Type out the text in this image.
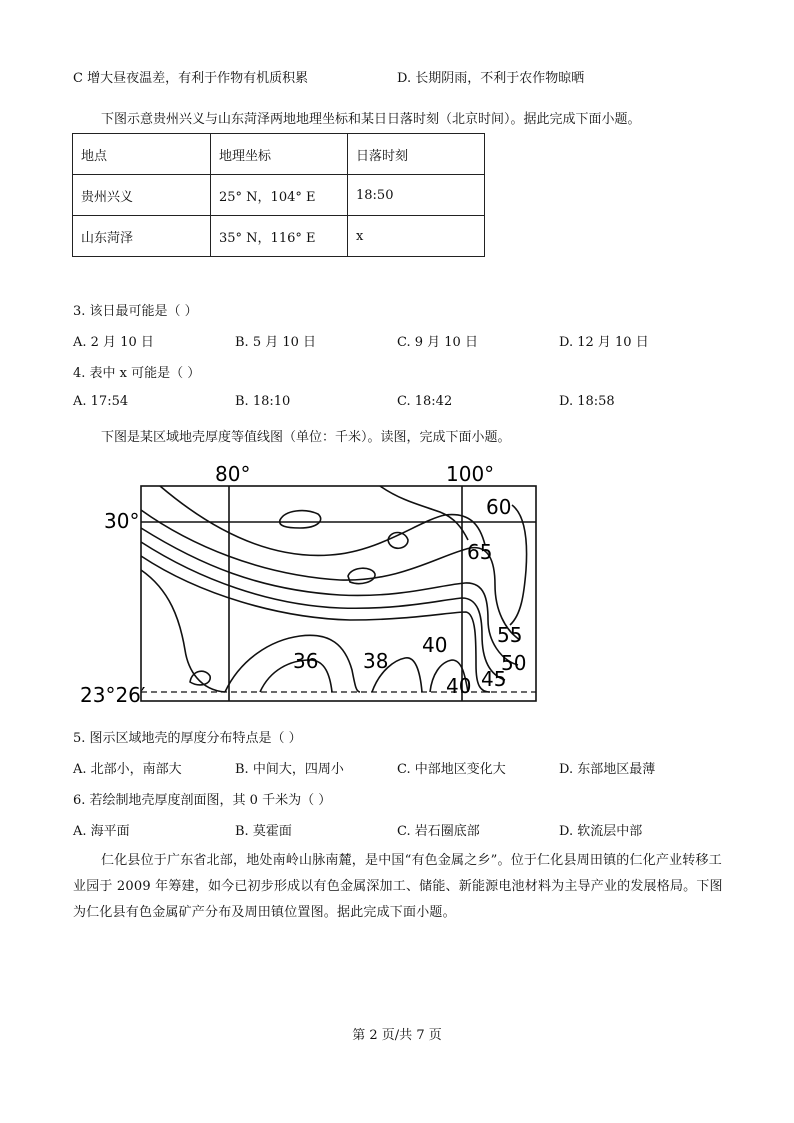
C 增大昼夜温差，有利于作物有机质积累	D. 长期阴雨，不利于农作物晾晒
下图示意贵州兴义与山东菏泽两地地理坐标和某日日落时刻（北京时间）。据此完成下面小题。
地点	地理坐标	日落时刻
贵州兴义	25° N，104° E	18:50
山东菏泽	35° N，116° E	x
3. 该日最可能是（ ）
A. 2 月 10 日	B. 5 月 10 日	C. 9 月 10 日	D. 12 月 10 日
4. 表中 x 可能是（ ）
A. 17:54	B. 18:10	C. 18:42	D. 18:58
下图是某区域地壳厚度等值线图（单位：千米）。读图，完成下面小题。
80°	100°
30°
23°26′
60
65
55
50
45
40
40
38
36
5. 图示区域地壳的厚度分布特点是（ ）
A. 北部小，南部大	B. 中间大，四周小	C. 中部地区变化大	D. 东部地区最薄
6. 若绘制地壳厚度剖面图，其 0 千米为（ ）
A. 海平面	B. 莫霍面	C. 岩石圈底部	D. 软流层中部
仁化县位于广东省北部，地处南岭山脉南麓，是中国“有色金属之乡”。位于仁化县周田镇的仁化产业转移工业园于 2009 年筹建，如今已初步形成以有色金属深加工、储能、新能源电池材料为主导产业的发展格局。下图为仁化县有色金属矿产分布及周田镇位置图。据此完成下面小题。
第 2 页/共 7 页
